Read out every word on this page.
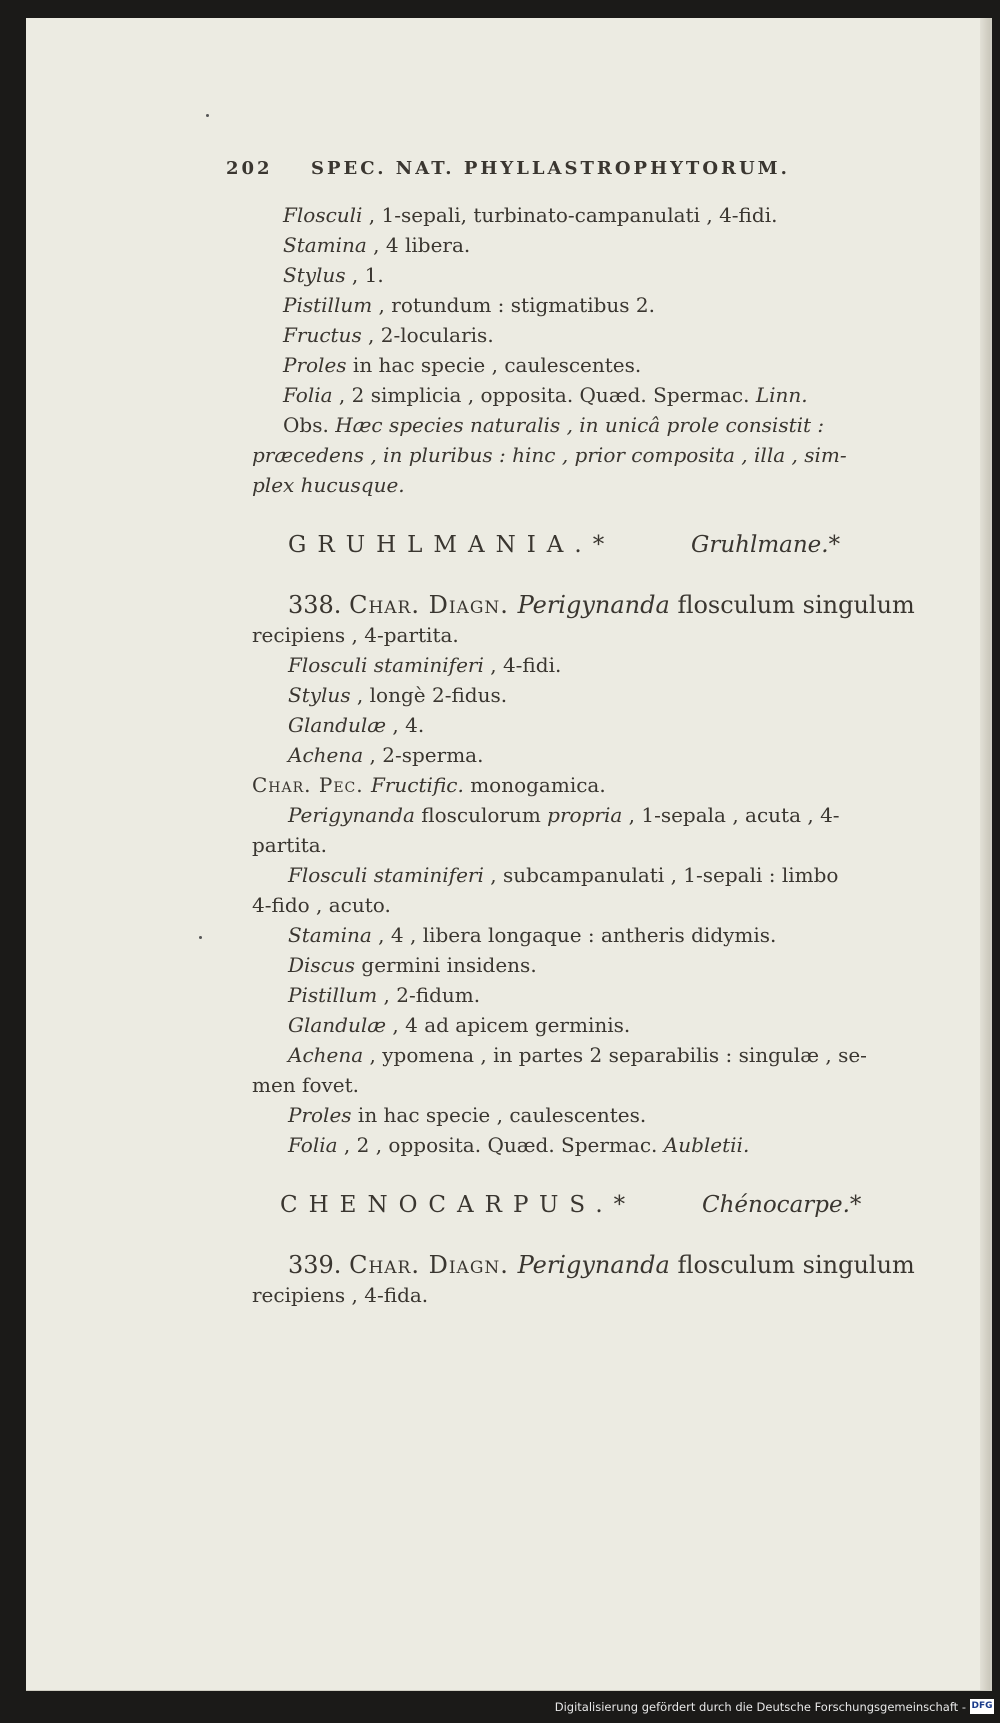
202 SPEC. NAT. PHYLLASTROPHYTORUM.
Flosculi , 1-sepali, turbinato-campanulati , 4-fidi.
Stamina , 4 libera.
Stylus , 1.
Pistillum , rotundum : stigmatibus 2.
Fructus , 2-locularis.
Proles in hac specie , caulescentes.
Folia , 2 simplicia , opposita. Quæd. Spermac. Linn.
Obs. Hæc species naturalis , in unicâ prole consistit :
præcedens , in pluribus : hinc , prior composita , illa , sim-
plex hucusque.
GRUHLMANIA.*	Gruhlmane.*
338. Char. Diagn. Perigynanda flosculum singulum
recipiens , 4-partita.
Flosculi staminiferi , 4-fidi.
Stylus , longè 2-fidus.
Glandulæ , 4.
Achena , 2-sperma.
Char. Pec. Fructific. monogamica.
Perigynanda flosculorum propria , 1-sepala , acuta , 4-
partita.
Flosculi staminiferi , subcampanulati , 1-sepali : limbo
4-fido , acuto.
Stamina , 4 , libera longaque : antheris didymis.
Discus germini insidens.
Pistillum , 2-fidum.
Glandulæ , 4 ad apicem germinis.
Achena , ypomena , in partes 2 separabilis : singulæ , se-
men fovet.
Proles in hac specie , caulescentes.
Folia , 2 , opposita. Quæd. Spermac. Aubletii.
CHENOCARPUS.*	Chénocarpe.*
339. Char. Diagn. Perigynanda flosculum singulum
recipiens , 4-fida.
Digitalisierung gefördert durch die Deutsche Forschungsgemeinschaft - DFG
